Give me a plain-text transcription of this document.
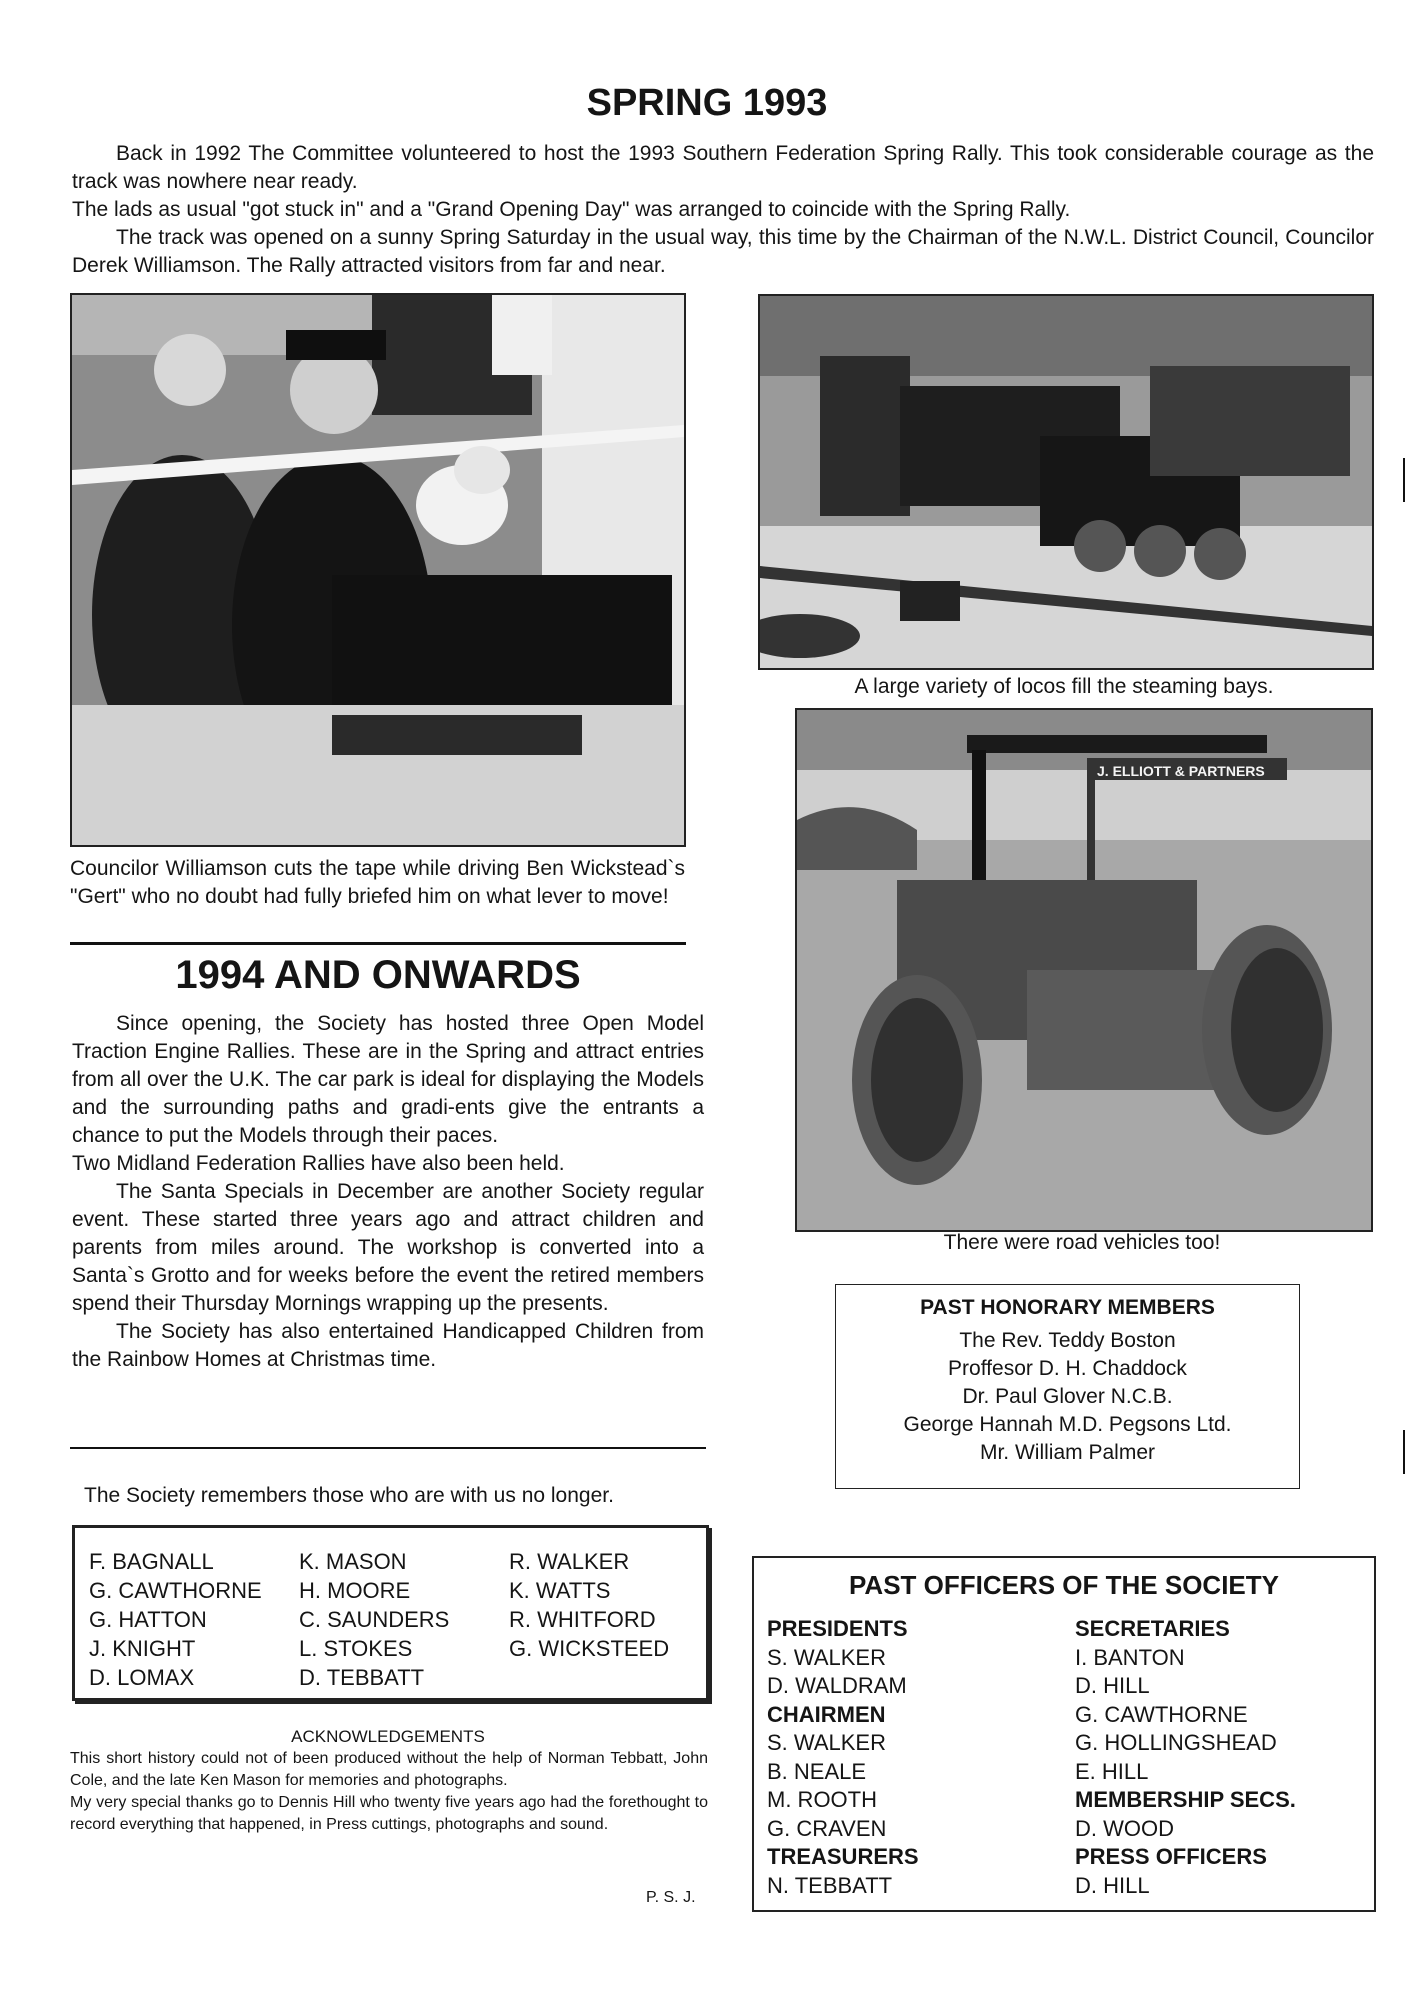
SPRING 1993
Back in 1992 The Committee volunteered to host the 1993 Southern Federation Spring Rally. This took considerable courage as the track was nowhere near ready.
The lads as usual "got stuck in" and a "Grand Opening Day" was arranged to coincide with the Spring Rally.
The track was opened on a sunny Spring Saturday in the usual way, this time by the Chairman of the N.W.L. District Council, Councilor Derek Williamson. The Rally attracted visitors from far and near.
Councilor Williamson cuts the tape while driving Ben Wickstead`s "Gert" who no doubt had fully briefed him on what lever to move!
1994 AND ONWARDS
Since opening, the Society has hosted three Open Model Traction Engine Rallies. These are in the Spring and attract entries from all over the U.K. The car park is ideal for displaying the Models and the surrounding paths and gradi-ents give the entrants a chance to put the Models through their paces.
Two Midland Federation Rallies have also been held.
The Santa Specials in December are another Society regular event. These started three years ago and attract children and parents from miles around. The workshop is converted into a Santa`s Grotto and for weeks before the event the retired members spend their Thursday Mornings wrapping up the presents.
The Society has also entertained Handicapped Children from the Rainbow Homes at Christmas time.
The Society remembers those who are with us no longer.
F. BAGNALL	K. MASON	R. WALKER
G. CAWTHORNE	H. MOORE	K. WATTS
G. HATTON	C. SAUNDERS	R. WHITFORD
J. KNIGHT	L. STOKES	G. WICKSTEED
D. LOMAX	D. TEBBATT
ACKNOWLEDGEMENTS
This short history could not of been produced without the help of Norman Tebbatt, John Cole, and the late Ken Mason for memories and photographs.
My very special thanks go to Dennis Hill who twenty five years ago had the forethought to record everything that happened, in Press cuttings, photographs and sound.
P. S. J.
A large variety of locos fill the steaming bays.
J. ELLIOTT & PARTNERS
There were road vehicles too!
PAST HONORARY MEMBERS
The Rev. Teddy Boston
Proffesor D. H. Chaddock
Dr. Paul Glover N.C.B.
George Hannah M.D. Pegsons Ltd.
Mr. William Palmer
PAST OFFICERS OF THE SOCIETY
PRESIDENTS
S. WALKER
D. WALDRAM
CHAIRMEN
S. WALKER
B. NEALE
M. ROOTH
G. CRAVEN
TREASURERS
N. TEBBATT
SECRETARIES
I. BANTON
D. HILL
G. CAWTHORNE
G. HOLLINGSHEAD
E. HILL
MEMBERSHIP SECS.
D. WOOD
PRESS OFFICERS
D. HILL
